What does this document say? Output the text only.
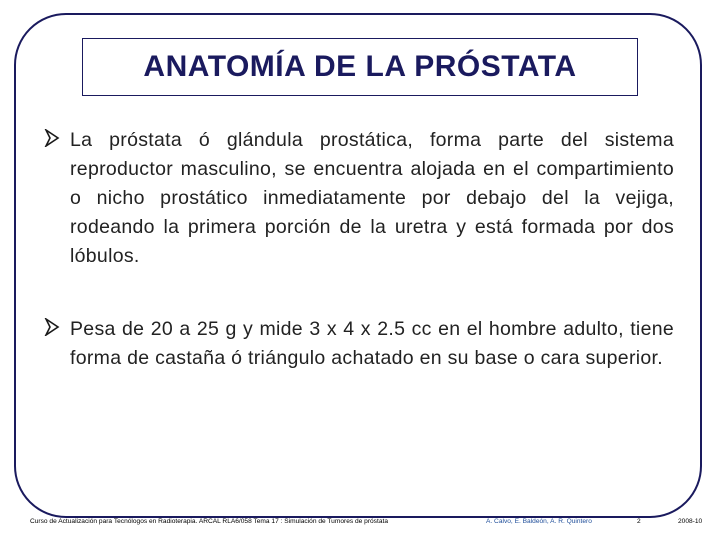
ANATOMÍA DE LA PRÓSTATA
La próstata ó glándula prostática, forma parte del sistema reproductor masculino, se encuentra alojada en el compartimiento o nicho prostático inmediatamente por debajo del la vejiga, rodeando la primera porción de la uretra y está formada por dos lóbulos.
Pesa de 20 a 25 g y mide 3 x 4 x 2.5 cc en el hombre adulto, tiene forma de castaña ó triángulo achatado en su base o cara superior.
Curso de Actualización para Tecnólogos en Radioterapia. ARCAL RLA6/058 Tema 17 : Simulación de Tumores de próstata	A. Calvo, E. Baldeón, A. R. Quintero	2	2008-10
